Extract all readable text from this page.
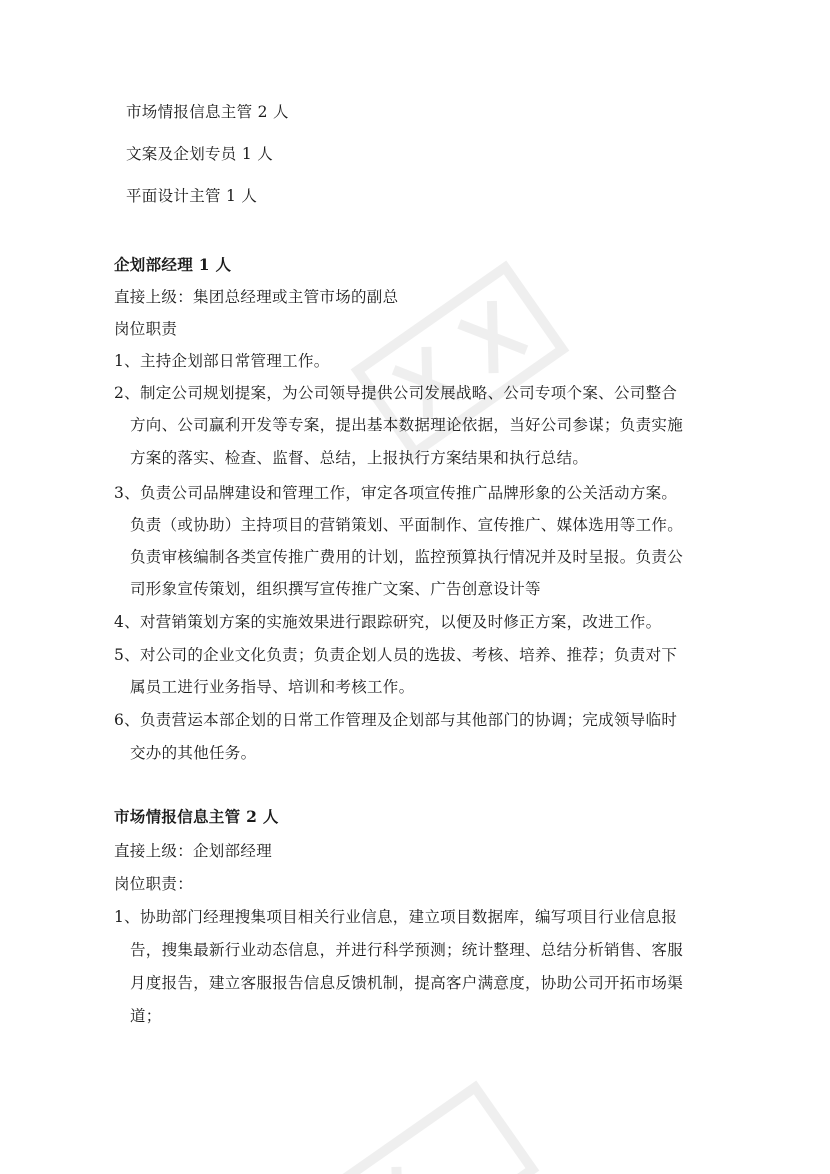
市场情报信息主管 2 人
文案及企划专员 1 人
平面设计主管 1 人
企划部经理 1 人
直接上级：集团总经理或主管市场的副总
岗位职责
1、主持企划部日常管理工作。
2、制定公司规划提案，为公司领导提供公司发展战略、公司专项个案、公司整合
方向、公司赢利开发等专案，提出基本数据理论依据，当好公司参谋；负责实施
方案的落实、检查、监督、总结，上报执行方案结果和执行总结。
3、负责公司品牌建设和管理工作，审定各项宣传推广品牌形象的公关活动方案。
负责（或协助）主持项目的营销策划、平面制作、宣传推广、媒体选用等工作。
负责审核编制各类宣传推广费用的计划，监控预算执行情况并及时呈报。负责公
司形象宣传策划，组织撰写宣传推广文案、广告创意设计等
4、对营销策划方案的实施效果进行跟踪研究，以便及时修正方案，改进工作。
5、对公司的企业文化负责；负责企划人员的选拔、考核、培养、推荐；负责对下
属员工进行业务指导、培训和考核工作。
6、负责营运本部企划的日常工作管理及企划部与其他部门的协调；完成领导临时
交办的其他任务。
市场情报信息主管 2 人
直接上级：企划部经理
岗位职责：
1、协助部门经理搜集项目相关行业信息，建立项目数据库，编写项目行业信息报
告，搜集最新行业动态信息，并进行科学预测；统计整理、总结分析销售、客服
月度报告，建立客服报告信息反馈机制，提高客户满意度，协助公司开拓市场渠
道；
